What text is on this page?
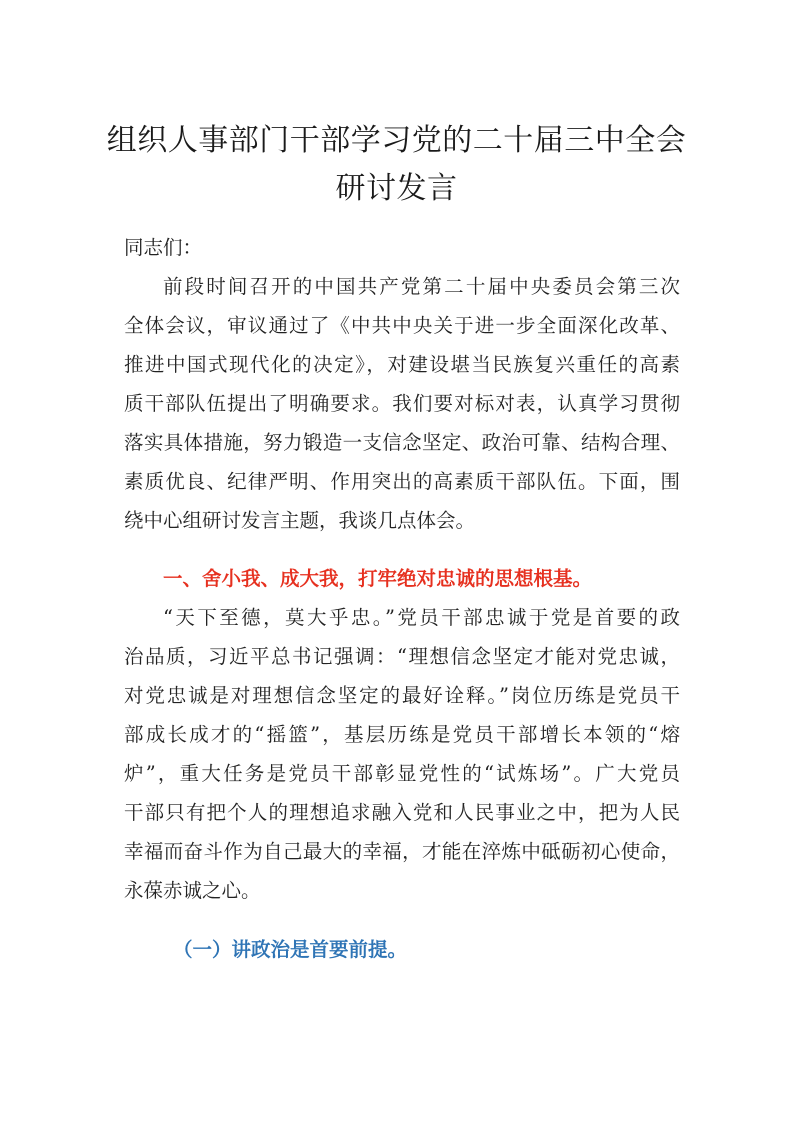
组织人事部门干部学习党的二十届三中全会
研讨发言
同志们：
前段时间召开的中国共产党第二十届中央委员会第三次
全体会议，审议通过了《中共中央关于进一步全面深化改革、
推进中国式现代化的决定》，对建设堪当民族复兴重任的高素
质干部队伍提出了明确要求。我们要对标对表，认真学习贯彻
落实具体措施，努力锻造一支信念坚定、政治可靠、结构合理、
素质优良、纪律严明、作用突出的高素质干部队伍。下面，围
绕中心组研讨发言主题，我谈几点体会。
一、舍小我、成大我，打牢绝对忠诚的思想根基。
“天下至德，莫大乎忠。”党员干部忠诚于党是首要的政
治品质，习近平总书记强调：“理想信念坚定才能对党忠诚，
对党忠诚是对理想信念坚定的最好诠释。”岗位历练是党员干
部成长成才的“摇篮”，基层历练是党员干部增长本领的“熔
炉”，重大任务是党员干部彰显党性的“试炼场”。广大党员
干部只有把个人的理想追求融入党和人民事业之中，把为人民
幸福而奋斗作为自己最大的幸福，才能在淬炼中砥砺初心使命，
永葆赤诚之心。
（一）讲政治是首要前提。
